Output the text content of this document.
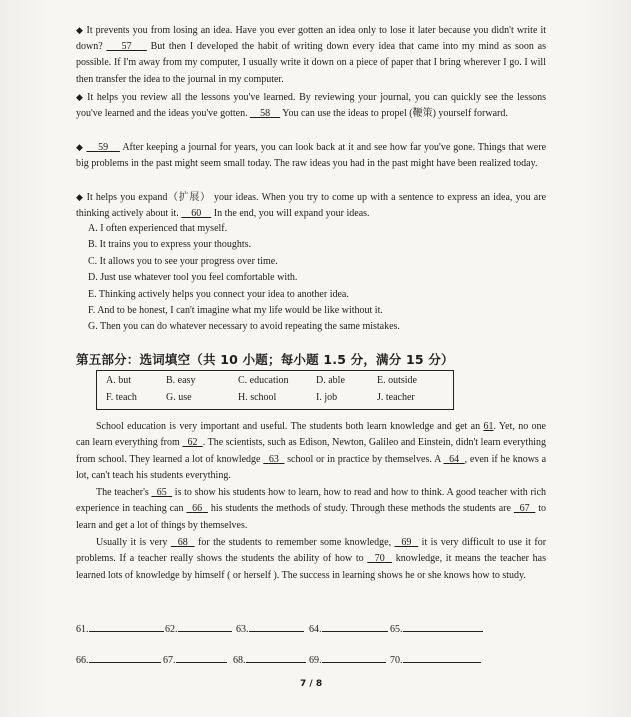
◆ It prevents you from losing an idea. Have you ever gotten an idea only to lose it later because you didn't write it down?     57     But then I developed the habit of writing down every idea that came into my mind as soon as possible. If I'm away from my computer, I usually write it down on a piece of paper that I bring wherever I go. I will then transfer the idea to the journal in my computer.
◆ It helps you review all the lessons you've learned. By reviewing your journal, you can quickly see the lessons you've learned and the ideas you've gotten.     58     You can use the ideas to propel (鞭策) yourself forward.
◆ 59     After keeping a journal for years, you can look back at it and see how far you've gone. Things that were big problems in the past might seem small today. The raw ideas you had in the past might have been realized today.
◆ It helps you expand（扩展） your ideas. When you try to come up with a sentence to express an idea, you are thinking actively about it.     60     In the end, you will expand your ideas.
A. I often experienced that myself.
B. It trains you to express your thoughts.
C. It allows you to see your progress over time.
D. Just use whatever tool you feel comfortable with.
E. Thinking actively helps you connect your idea to another idea.
F. And to be honest, I can't imagine what my life would be like without it.
G. Then you can do whatever necessary to avoid repeating the same mistakes.
第五部分：选词填空（共 10 小题；每小题 1.5 分，满分 15 分）
A. but	B. easy	C. education	D. able	E. outside
F. teach	G. use	H. school	I. job	J. teacher
School education is very important and useful. The students both learn knowledge and get an 61. Yet, no one can learn everything from   62 . The scientists, such as Edison, Newton, Galileo and Einstein, didn't learn everything from school. They learned a lot of knowledge   63   school or in practice by themselves. A   64 , even if he knows a lot, can't teach his students everything.
The teacher's   65   is to show his students how to learn, how to read and how to think. A good teacher with rich experience in teaching can   66   his students the methods of study. Through these methods the students are   67   to learn and get a lot of things by themselves.
Usually it is very   68   for the students to remember some knowledge,   69   it is very difficult to use it for problems. If a teacher really shows the students the ability of how to   70   knowledge, it means the teacher has learned lots of knowledge by himself ( or herself ). The success in learning shows he or she knows how to study.
61.	62.	63.	64.	65.
66.	67.	68.	69.	70.
7 / 8
